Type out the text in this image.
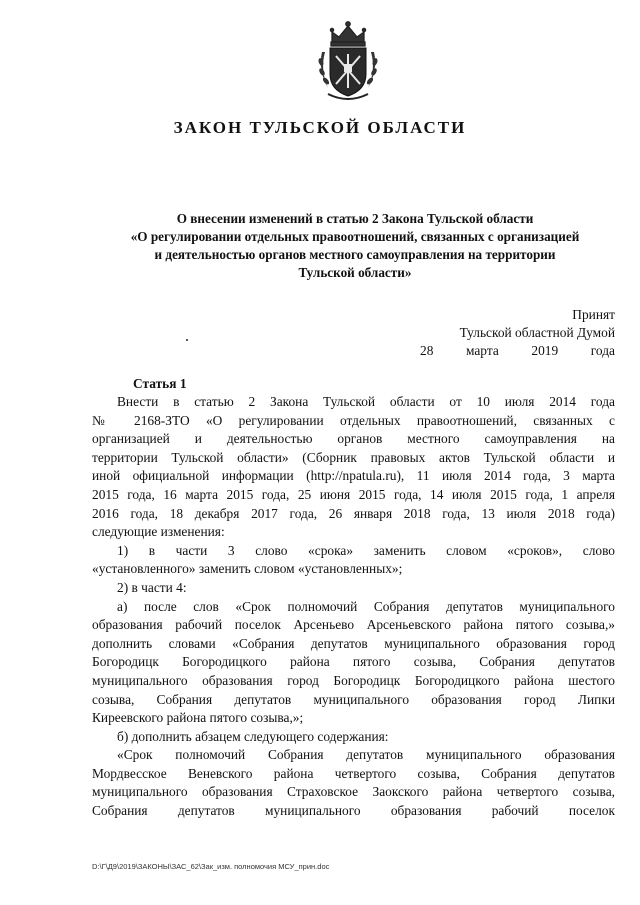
ЗАКОН ТУЛЬСКОЙ ОБЛАСТИ
О внесении изменений в статью 2 Закона Тульской области
«О регулировании отдельных правоотношений, связанных с организацией
и деятельностью органов местного самоуправления на территории
Тульской области»
Принят
Тульской областной Думой
28 марта 2019 года
Статья 1
Внести в статью 2 Закона Тульской области от 10 июля 2014 года
№ 2168-ЗТО «О регулировании отдельных правоотношений, связанных с
организацией и деятельностью органов местного самоуправления на
территории Тульской области» (Сборник правовых актов Тульской области и
иной официальной информации (http://npatula.ru), 11 июля 2014 года, 3 марта
2015 года, 16 марта 2015 года, 25 июня 2015 года, 14 июля 2015 года, 1 апреля
2016 года, 18 декабря 2017 года, 26 января 2018 года, 13 июля 2018 года)
следующие изменения:
1) в части 3 слово «срока» заменить словом «сроков», слово
«установленного» заменить словом «установленных»;
2) в части 4:
а) после слов «Срок полномочий Собрания депутатов муниципального
образования рабочий поселок Арсеньево Арсеньевского района пятого созыва,»
дополнить словами «Собрания депутатов муниципального образования город
Богородицк Богородицкого района пятого созыва, Собрания депутатов
муниципального образования город Богородицк Богородицкого района шестого
созыва, Собрания депутатов муниципального образования город Липки
Киреевского района пятого созыва,»;
б) дополнить абзацем следующего содержания:
«Срок полномочий Собрания депутатов муниципального образования
Мордвесское Веневского района четвертого созыва, Собрания депутатов
муниципального образования Страховское Заокского района четвертого созыва,
Собрания депутатов муниципального образования рабочий поселок
D:\Г\Д9\2019\ЗАКОНЫ\ЗАС_62\Зак_изм. полномочия МСУ_прин.doc
